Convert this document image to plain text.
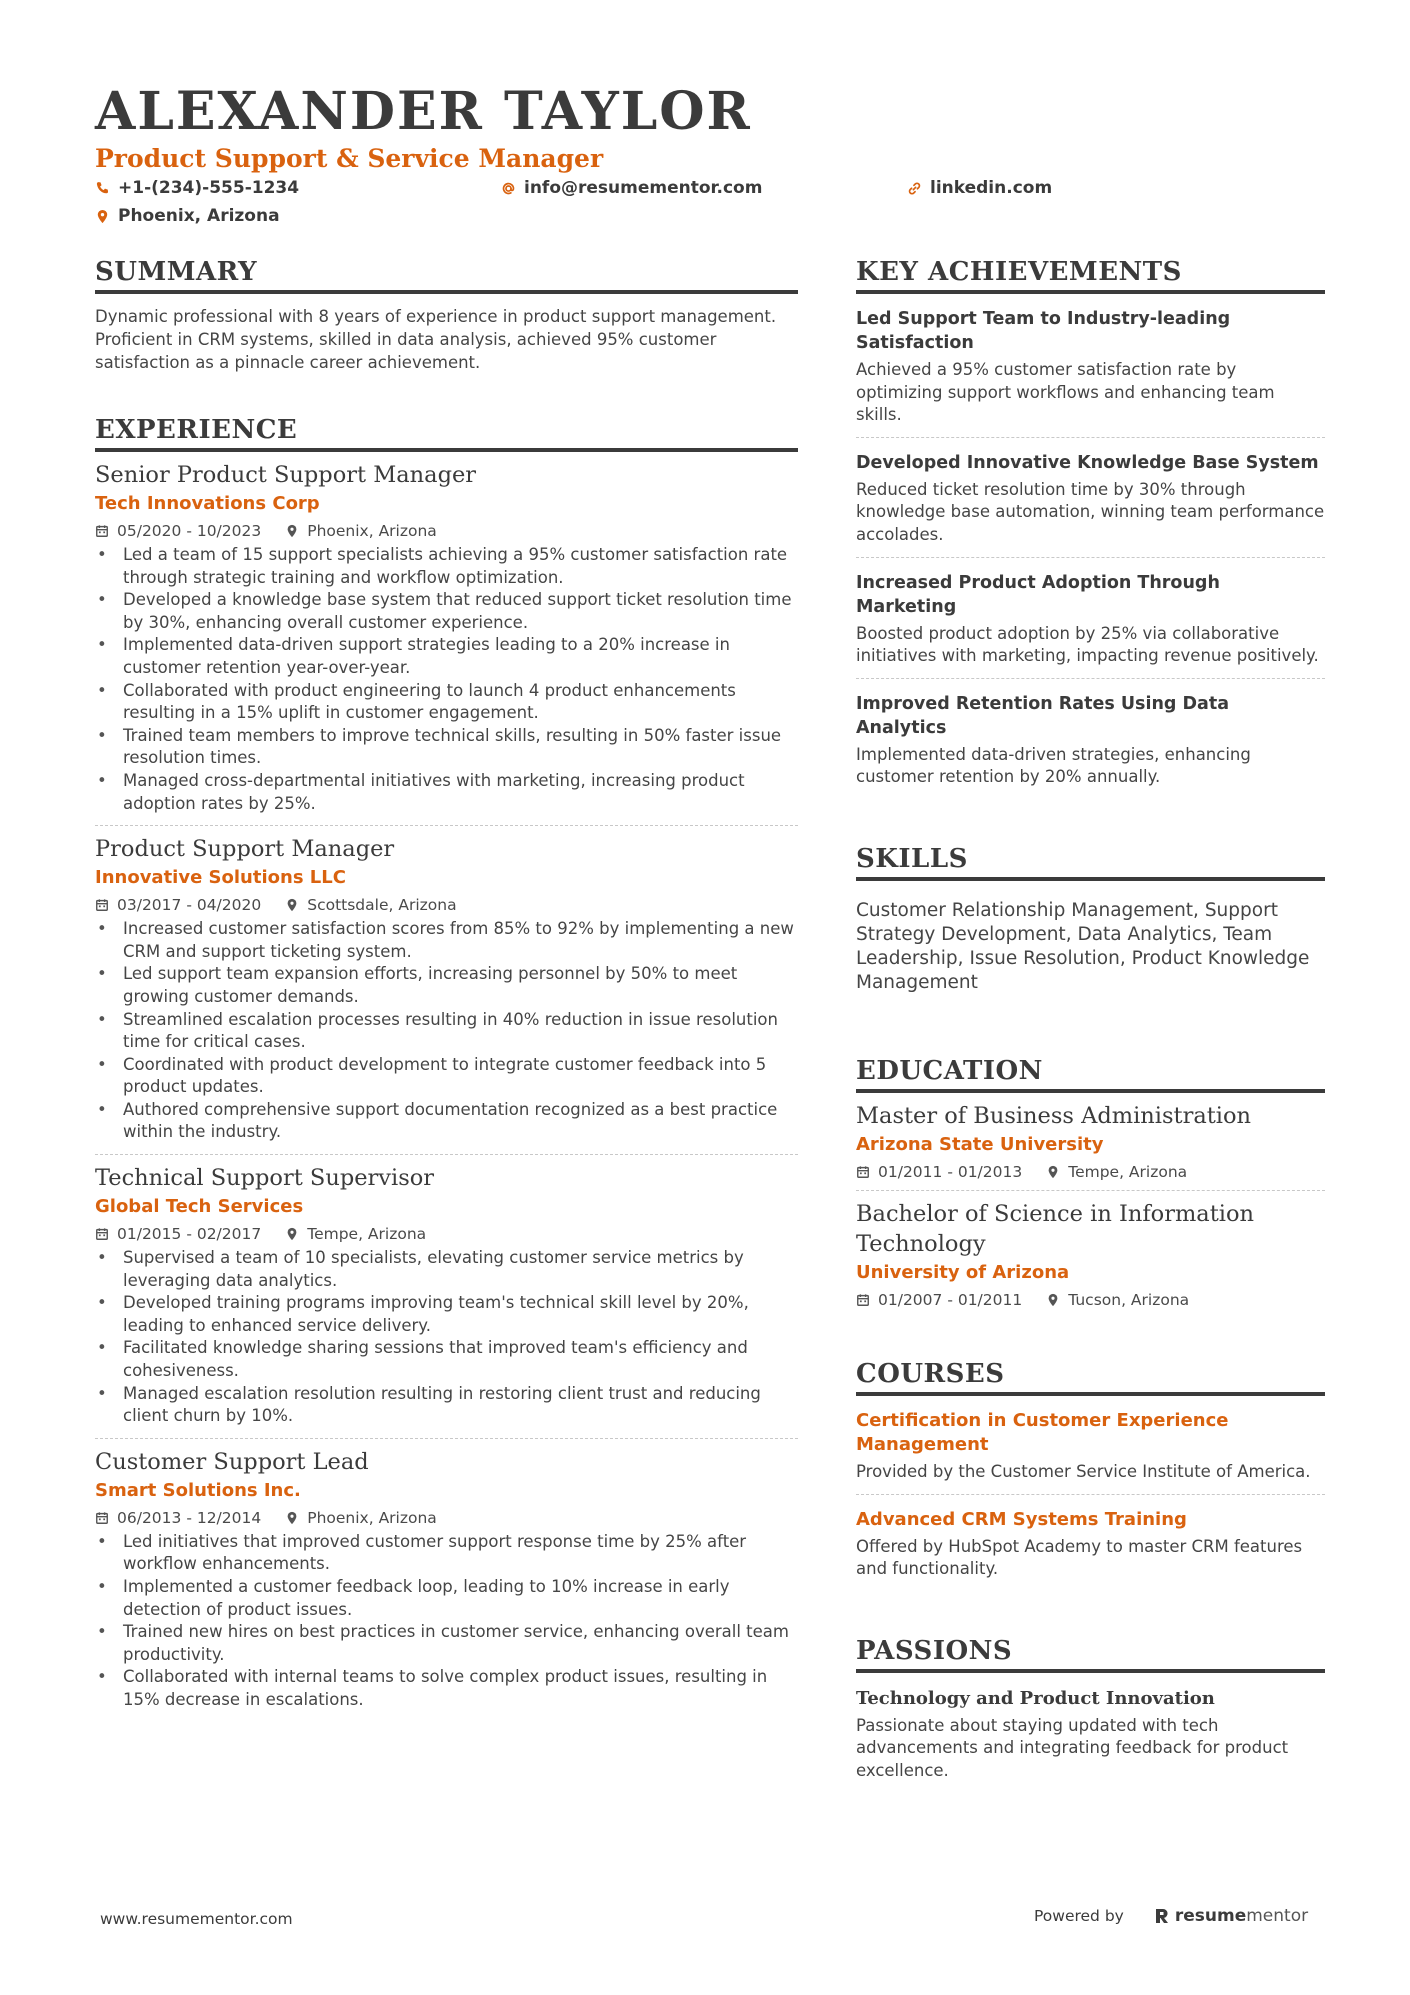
ALEXANDER TAYLOR
Product Support & Service Manager
+1-(234)-555-1234	info@resumementor.com	linkedin.com
Phoenix, Arizona
SUMMARY
Dynamic professional with 8 years of experience in product support management. Proficient in CRM systems, skilled in data analysis, achieved 95% customer satisfaction as a pinnacle career achievement.
EXPERIENCE
Senior Product Support Manager
Tech Innovations Corp
05/2020 - 10/2023	Phoenix, Arizona
• Led a team of 15 support specialists achieving a 95% customer satisfaction rate through strategic training and workflow optimization.
• Developed a knowledge base system that reduced support ticket resolution time by 30%, enhancing overall customer experience.
• Implemented data-driven support strategies leading to a 20% increase in customer retention year-over-year.
• Collaborated with product engineering to launch 4 product enhancements resulting in a 15% uplift in customer engagement.
• Trained team members to improve technical skills, resulting in 50% faster issue resolution times.
• Managed cross-departmental initiatives with marketing, increasing product adoption rates by 25%.
Product Support Manager
Innovative Solutions LLC
03/2017 - 04/2020	Scottsdale, Arizona
• Increased customer satisfaction scores from 85% to 92% by implementing a new CRM and support ticketing system.
• Led support team expansion efforts, increasing personnel by 50% to meet growing customer demands.
• Streamlined escalation processes resulting in 40% reduction in issue resolution time for critical cases.
• Coordinated with product development to integrate customer feedback into 5 product updates.
• Authored comprehensive support documentation recognized as a best practice within the industry.
Technical Support Supervisor
Global Tech Services
01/2015 - 02/2017	Tempe, Arizona
• Supervised a team of 10 specialists, elevating customer service metrics by leveraging data analytics.
• Developed training programs improving team's technical skill level by 20%, leading to enhanced service delivery.
• Facilitated knowledge sharing sessions that improved team's efficiency and cohesiveness.
• Managed escalation resolution resulting in restoring client trust and reducing client churn by 10%.
Customer Support Lead
Smart Solutions Inc.
06/2013 - 12/2014	Phoenix, Arizona
• Led initiatives that improved customer support response time by 25% after workflow enhancements.
• Implemented a customer feedback loop, leading to 10% increase in early detection of product issues.
• Trained new hires on best practices in customer service, enhancing overall team productivity.
• Collaborated with internal teams to solve complex product issues, resulting in 15% decrease in escalations.
KEY ACHIEVEMENTS
Led Support Team to Industry-leading Satisfaction
Achieved a 95% customer satisfaction rate by optimizing support workflows and enhancing team skills.
Developed Innovative Knowledge Base System
Reduced ticket resolution time by 30% through knowledge base automation, winning team performance accolades.
Increased Product Adoption Through Marketing
Boosted product adoption by 25% via collaborative initiatives with marketing, impacting revenue positively.
Improved Retention Rates Using Data Analytics
Implemented data-driven strategies, enhancing customer retention by 20% annually.
SKILLS
Customer Relationship Management, Support Strategy Development, Data Analytics, Team Leadership, Issue Resolution, Product Knowledge Management
EDUCATION
Master of Business Administration
Arizona State University
01/2011 - 01/2013	Tempe, Arizona
Bachelor of Science in Information Technology
University of Arizona
01/2007 - 01/2011	Tucson, Arizona
COURSES
Certification in Customer Experience Management
Provided by the Customer Service Institute of America.
Advanced CRM Systems Training
Offered by HubSpot Academy to master CRM features and functionality.
PASSIONS
Technology and Product Innovation
Passionate about staying updated with tech advancements and integrating feedback for product excellence.
www.resumementor.com	Powered by	resume mentor
